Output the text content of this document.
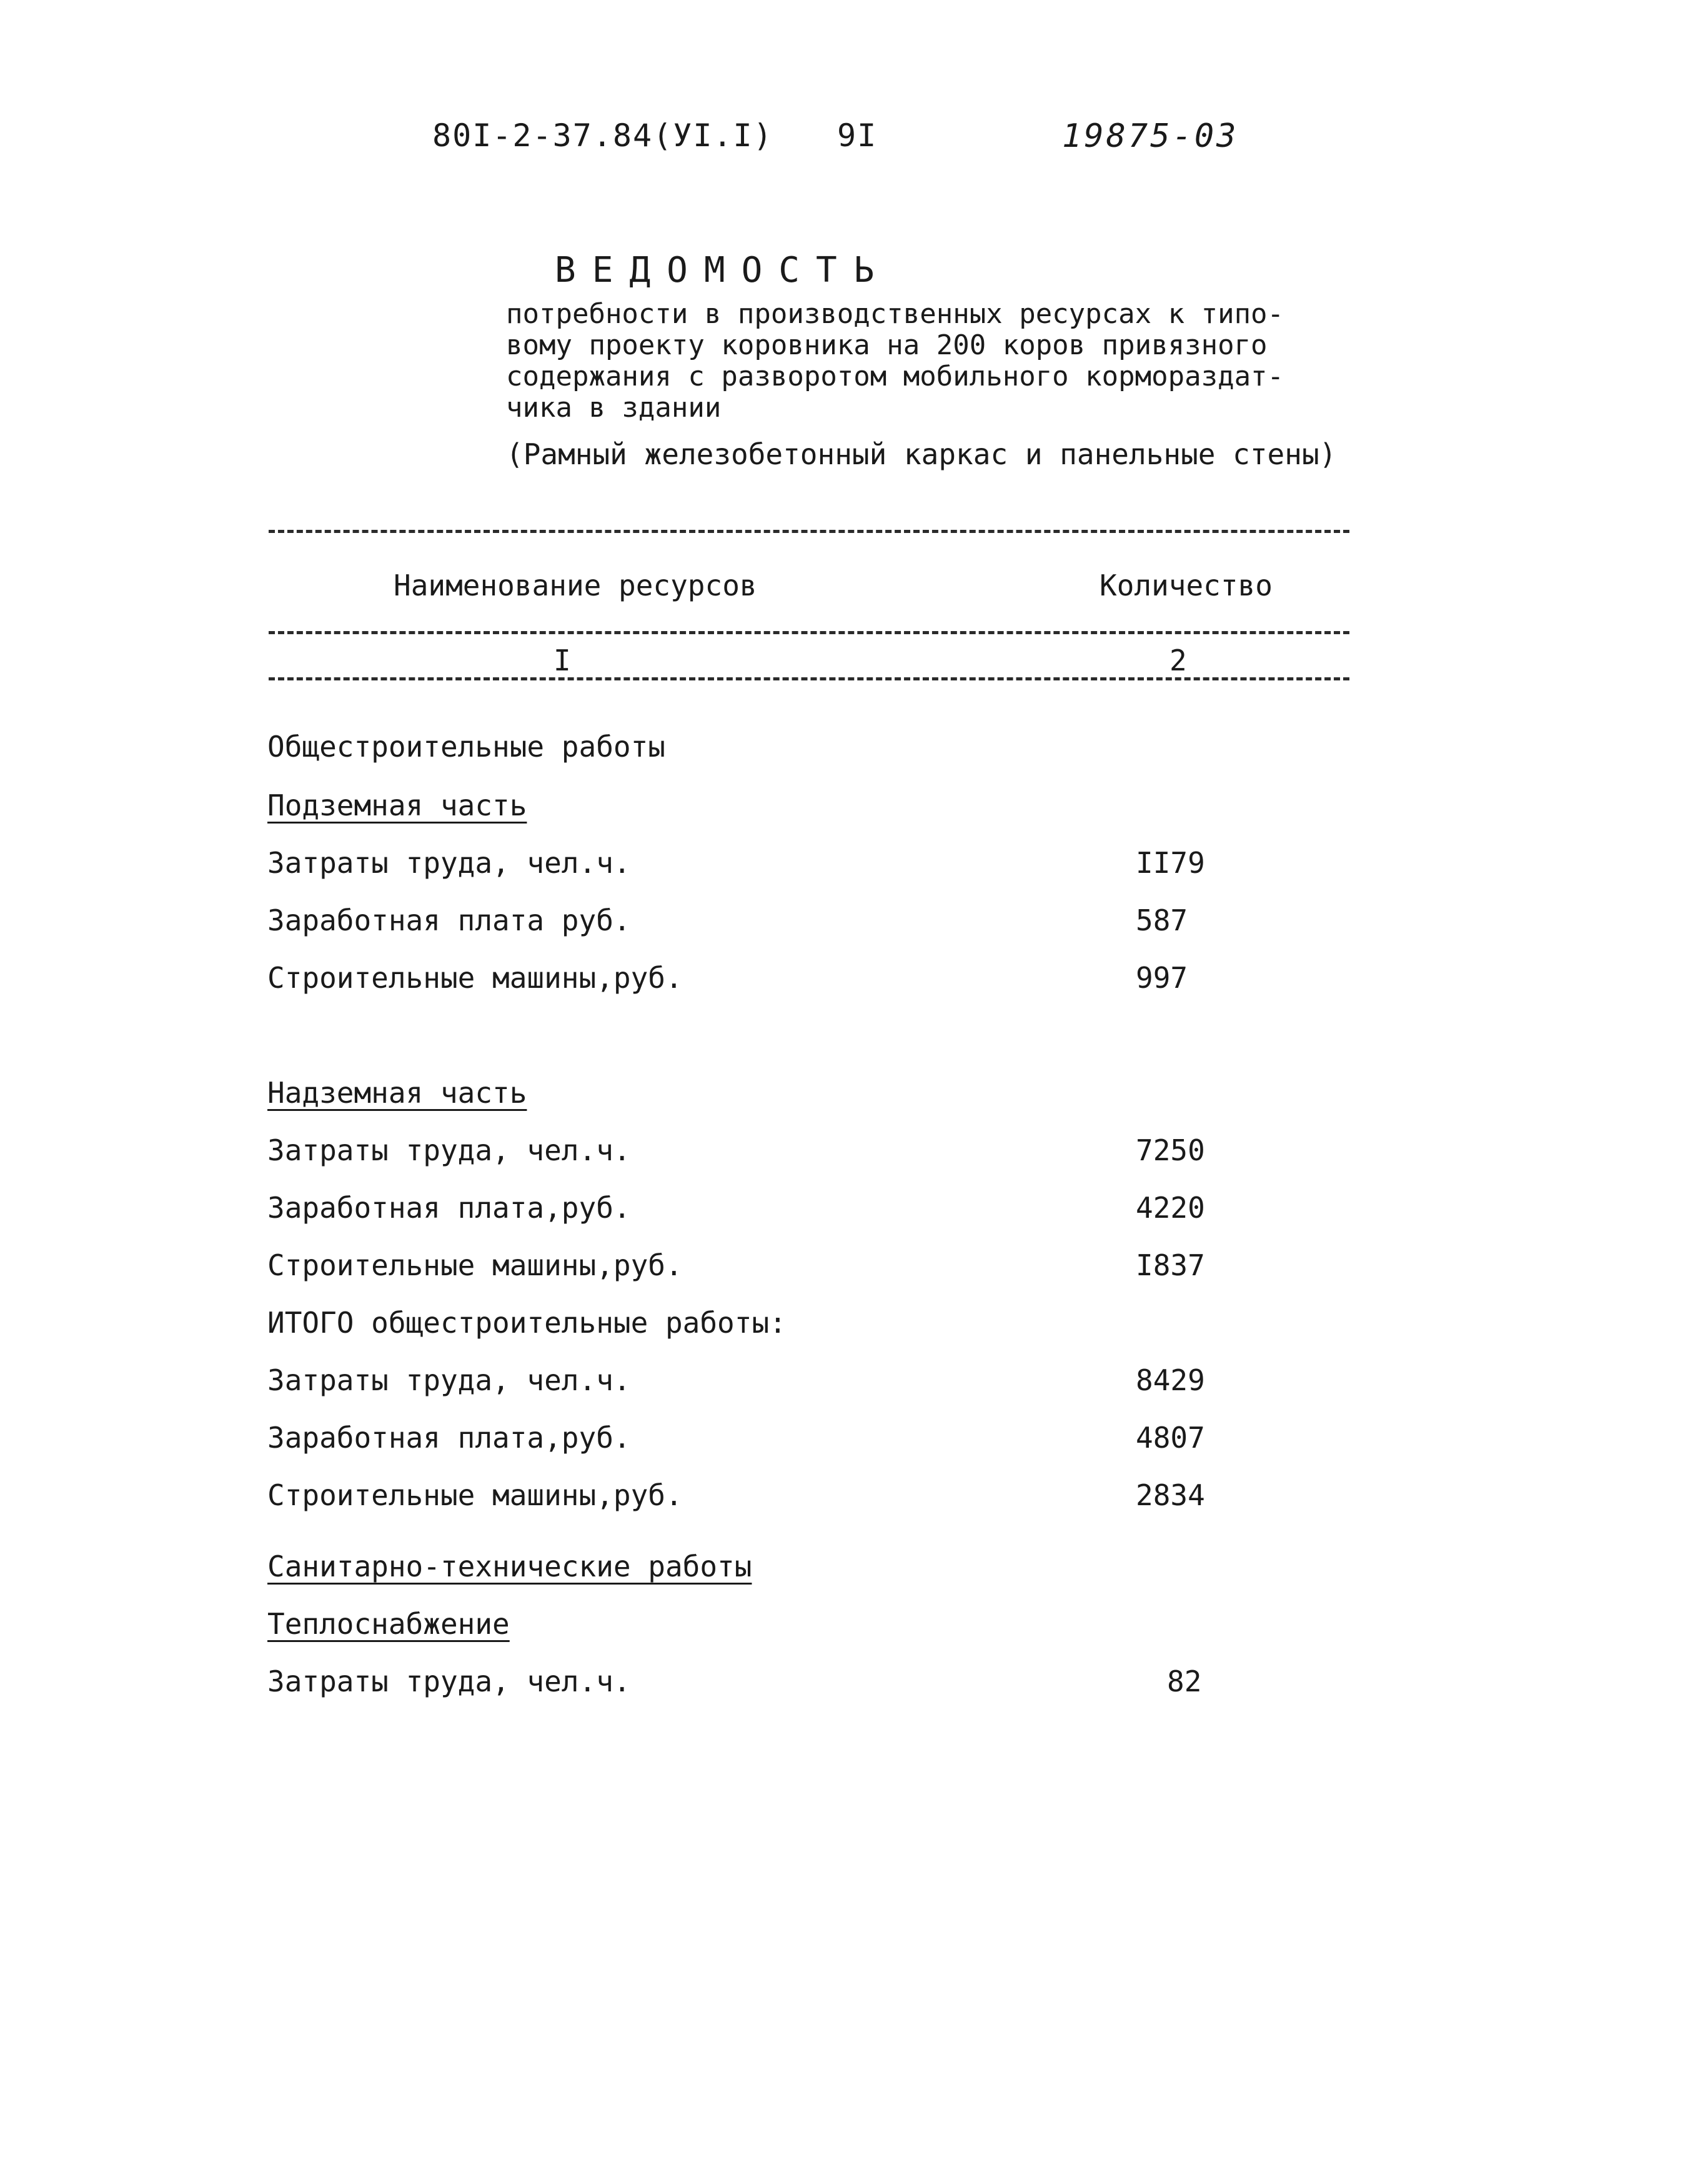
80I-2-37.84(УI.I) 9I	19875-03
ВЕДОМОСТЬ
потребности в производственных ресурсах к типо-
вому проекту коровника на 200 коров привязного
содержания с разворотом мобильного кормораздат-
чика в здании
(Рамный железобетонный каркас и панельные стены)
Наименование ресурсов	Количество
I	2
Общестроительные работы
Подземная часть
Затраты труда, чел.ч.	II79
Заработная плата руб.	587
Строительные машины,руб.	997
Надземная часть
Затраты труда, чел.ч.	7250
Заработная плата,руб.	4220
Строительные машины,руб.	I837
ИТОГО общестроительные работы:
Затраты труда, чел.ч.	8429
Заработная плата,руб.	4807
Строительные машины,руб.	2834
Санитарно-технические работы
Теплоснабжение
Затраты труда, чел.ч.	82
